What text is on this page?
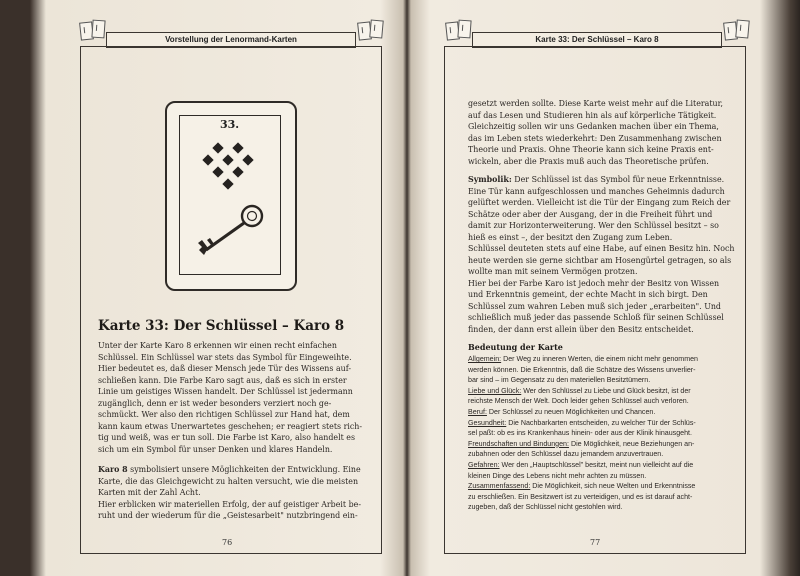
Vorstellung der Lenormand-Karten
33.
Karte 33: Der Schlüssel – Karo 8
Unter der Karte Karo 8 erkennen wir einen recht einfachen
Schlüssel. Ein Schlüssel war stets das Symbol für Eingeweihte.
Hier bedeutet es, daß dieser Mensch jede Tür des Wissens auf-
schließen kann. Die Farbe Karo sagt aus, daß es sich in erster
Linie um geistiges Wissen handelt. Der Schlüssel ist jedermann
zugänglich, denn er ist weder besonders verziert noch ge-
schmückt. Wer also den richtigen Schlüssel zur Hand hat, dem
kann kaum etwas Unerwartetes geschehen; er reagiert stets rich-
tig und weiß, was er tun soll. Die Farbe ist Karo, also handelt es
sich um ein Symbol für unser Denken und klares Handeln.
Karo 8 symbolisiert unsere Möglichkeiten der Entwicklung. Eine
Karte, die das Gleichgewicht zu halten versucht, wie die meisten
Karten mit der Zahl Acht.
Hier erblicken wir materiellen Erfolg, der auf geistiger Arbeit be-
ruht und der wiederum für die „Geistesarbeit" nutzbringend ein-
76
Karte 33: Der Schlüssel – Karo 8
gesetzt werden sollte. Diese Karte weist mehr auf die Literatur,
auf das Lesen und Studieren hin als auf körperliche Tätigkeit.
Gleichzeitig sollen wir uns Gedanken machen über ein Thema,
das im Leben stets wiederkehrt: Den Zusammenhang zwischen
Theorie und Praxis. Ohne Theorie kann sich keine Praxis ent-
wickeln, aber die Praxis muß auch das Theoretische prüfen.
Symbolik: Der Schlüssel ist das Symbol für neue Erkenntnisse.
Eine Tür kann aufgeschlossen und manches Geheimnis dadurch
gelüftet werden. Vielleicht ist die Tür der Eingang zum Reich der
Schätze oder aber der Ausgang, der in die Freiheit führt und
damit zur Horizonterweiterung. Wer den Schlüssel besitzt – so
hieß es einst –, der besitzt den Zugang zum Leben.
Schlüssel deuteten stets auf eine Habe, auf einen Besitz hin. Noch
heute werden sie gerne sichtbar am Hosengürtel getragen, so als
wollte man mit seinem Vermögen protzen.
Hier bei der Farbe Karo ist jedoch mehr der Besitz von Wissen
und Erkenntnis gemeint, der echte Macht in sich birgt. Den
Schlüssel zum wahren Leben muß sich jeder „erarbeiten". Und
schließlich muß jeder das passende Schloß für seinen Schlüssel
finden, der dann erst allein über den Besitz entscheidet.
Bedeutung der Karte
Allgemein: Der Weg zu inneren Werten, die einem nicht mehr genommen
werden können. Die Erkenntnis, daß die Schätze des Wissens unverlier-
bar sind – im Gegensatz zu den materiellen Besitztümern.
Liebe und Glück: Wer den Schlüssel zu Liebe und Glück besitzt, ist der
reichste Mensch der Welt. Doch leider gehen Schlüssel auch verloren.
Beruf: Der Schlüssel zu neuen Möglichkeiten und Chancen.
Gesundheit: Die Nachbarkarten entscheiden, zu welcher Tür der Schlüs-
sel paßt: ob es ins Krankenhaus hinein- oder aus der Klinik hinausgeht.
Freundschaften und Bindungen: Die Möglichkeit, neue Beziehungen an-
zubahnen oder den Schlüssel dazu jemandem anzuvertrauen.
Gefahren: Wer den „Hauptschlüssel" besitzt, meint nun vielleicht auf die
kleinen Dinge des Lebens nicht mehr achten zu müssen.
Zusammenfassend: Die Möglichkeit, sich neue Welten und Erkenntnisse
zu erschließen. Ein Besitzwert ist zu verteidigen, und es ist darauf acht-
zugeben, daß der Schlüssel nicht gestohlen wird.
77
